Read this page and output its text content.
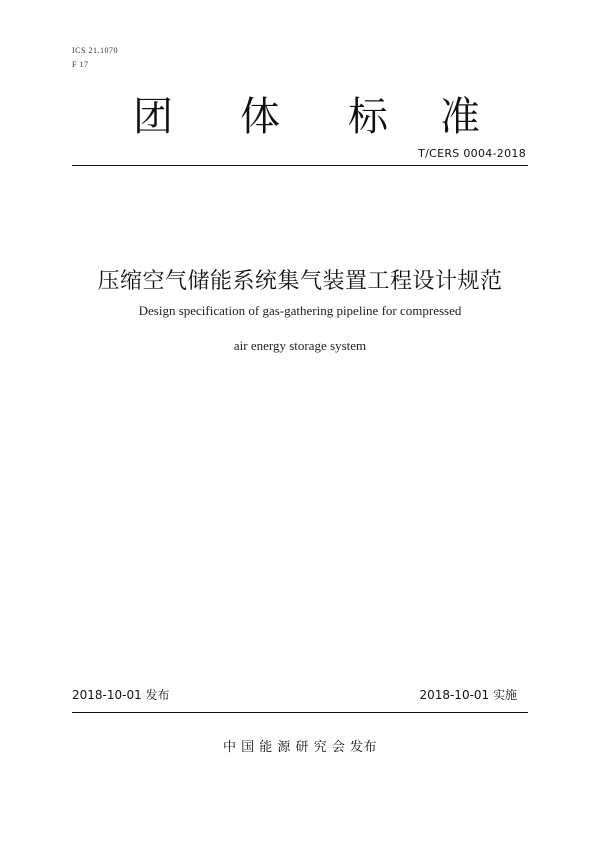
ICS 21.1070
F 17
团 体 标 准
T/CERS 0004-2018
压缩空气储能系统集气装置工程设计规范
Design specification of gas-gathering pipeline for compressed
air energy storage system
2018-10-01 发布	2018-10-01 实施
中 国 能 源 研 究 会 发布
